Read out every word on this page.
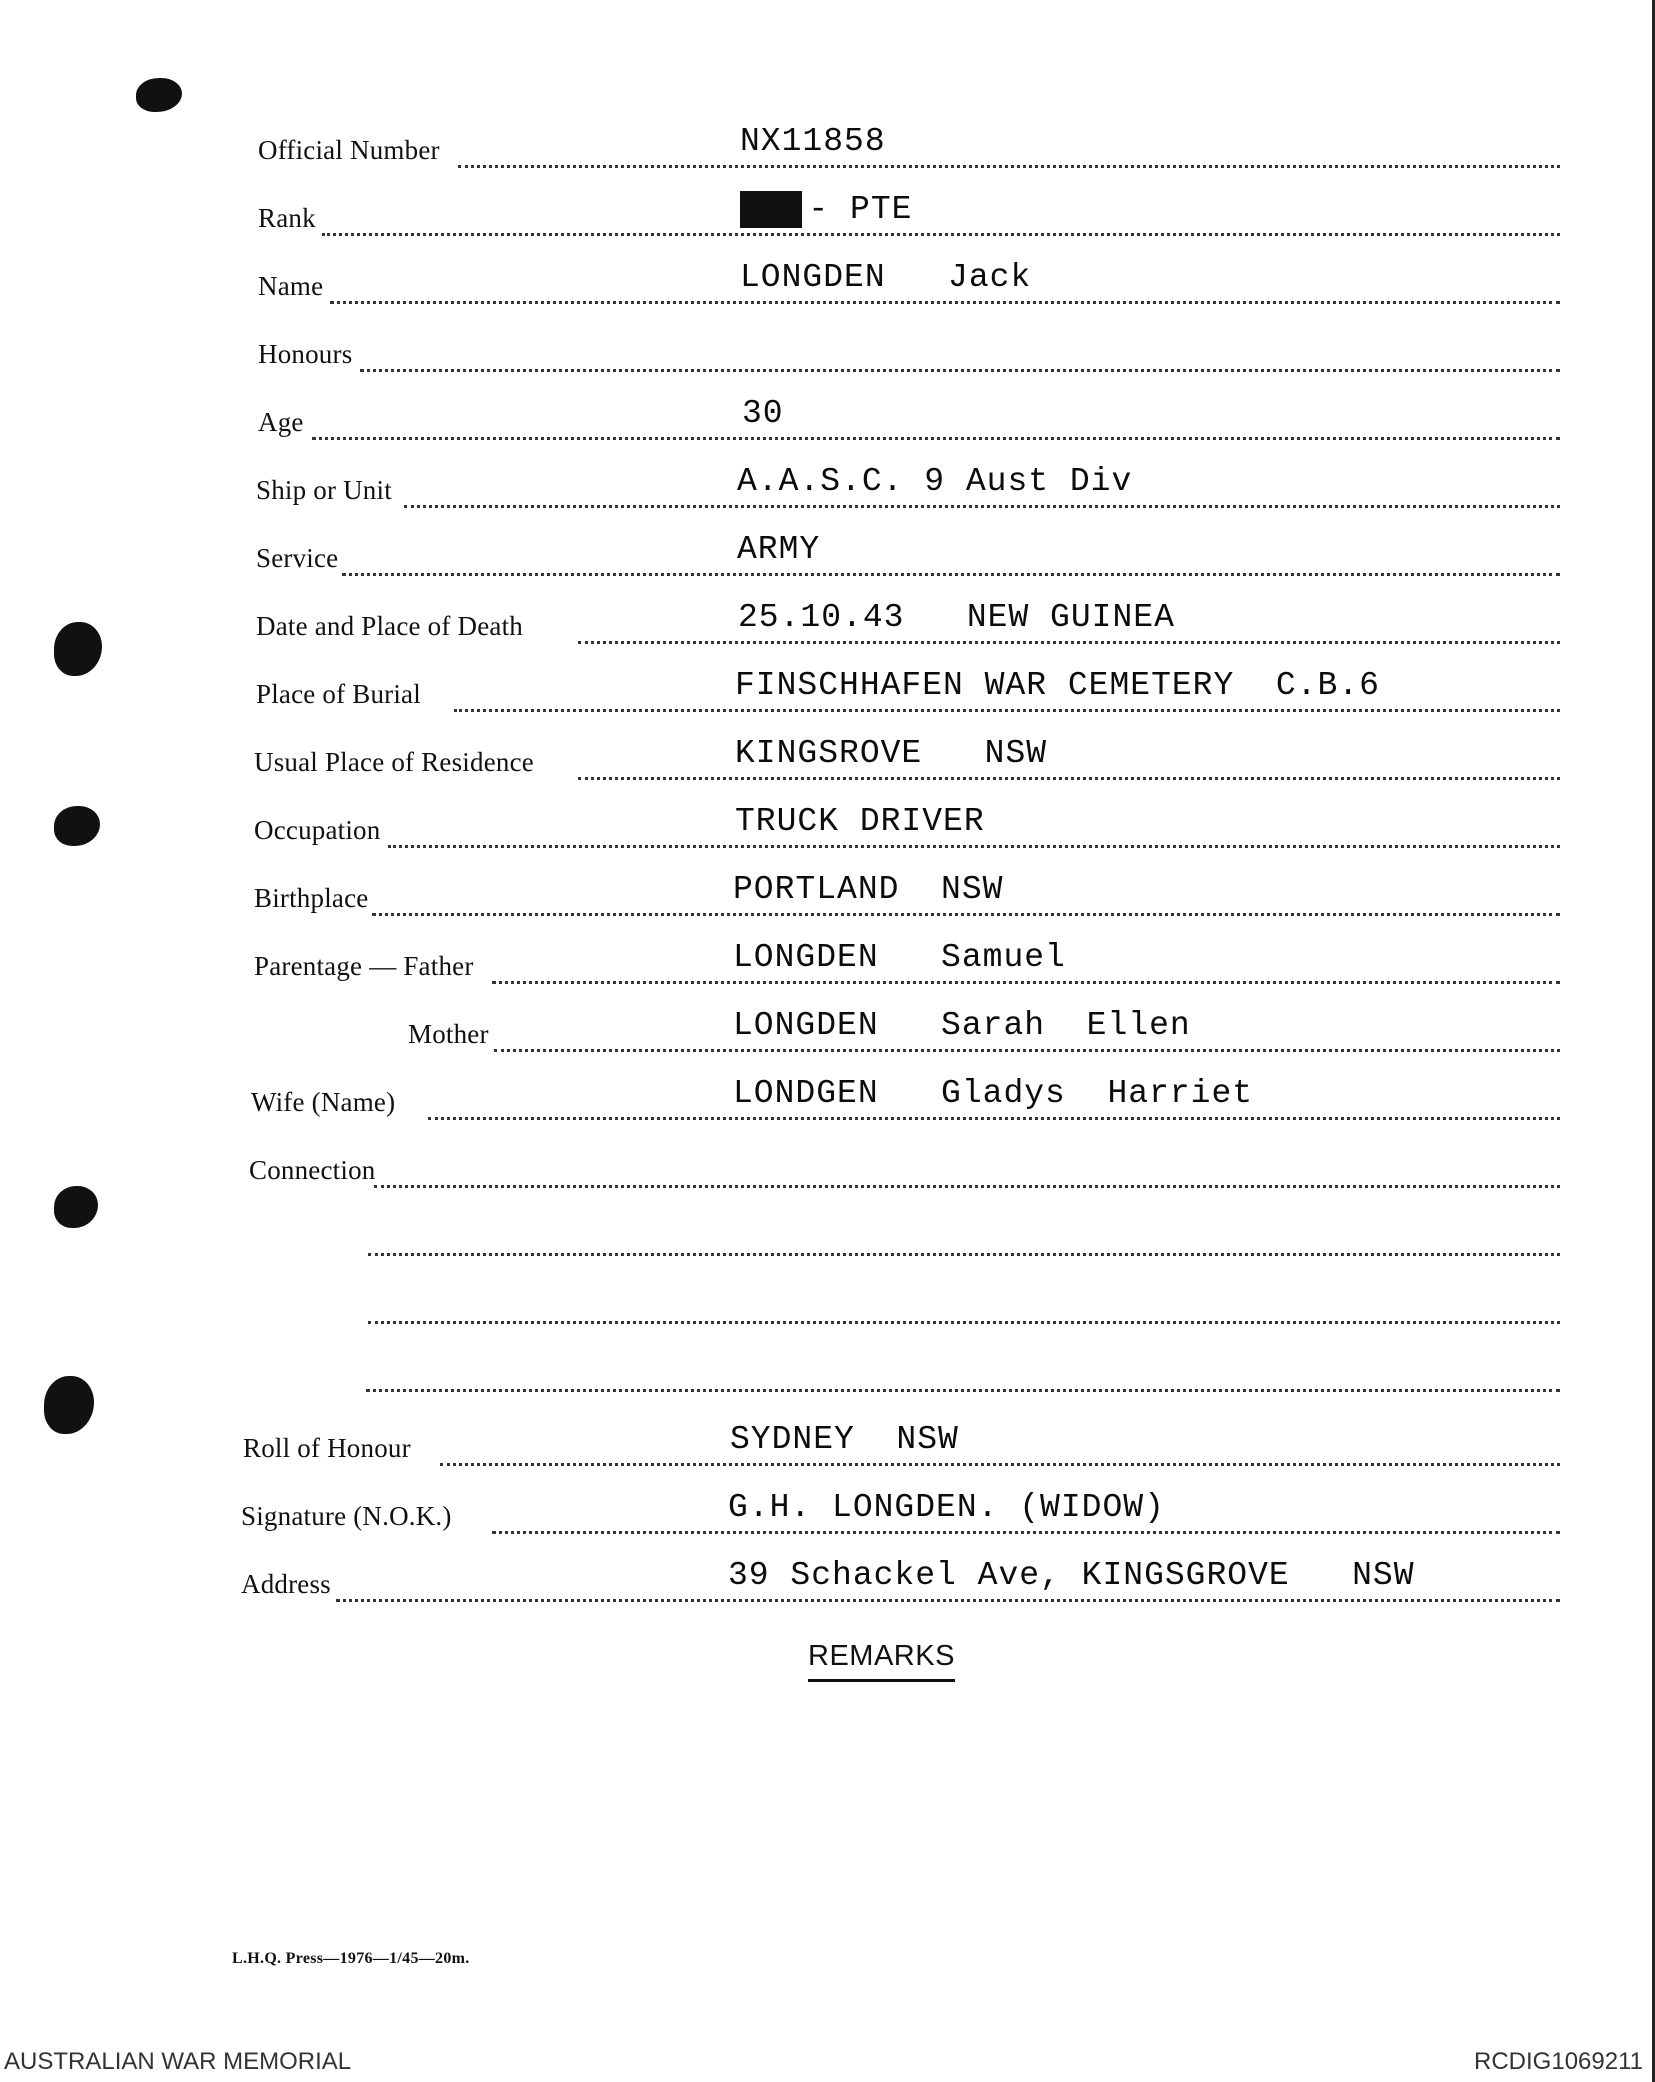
Official Number	NX11858
Rank	PTE - PTE
Name	LONGDEN   Jack
Honours
Age	30
Ship or Unit	A.A.S.C. 9 Aust Div
Service	ARMY
Date and Place of Death	25.10.43   NEW GUINEA
Place of Burial	FINSCHHAFEN WAR CEMETERY  C.B.6
Usual Place of Residence	KINGSROVE   NSW
Occupation	TRUCK DRIVER
Birthplace	PORTLAND  NSW
Parentage — Father	LONGDEN   Samuel
Mother	LONGDEN   Sarah  Ellen
Wife (Name)	LONDGEN   Gladys  Harriet
Connection
Roll of Honour	SYDNEY  NSW
Signature (N.O.K.)	G.H. LONGDEN. (WIDOW)
Address	39 Schackel Ave, KINGSGROVE   NSW
REMARKS
L.H.Q. Press—1976—1/45—20m.
AUSTRALIAN WAR MEMORIAL	RCDIG1069211
